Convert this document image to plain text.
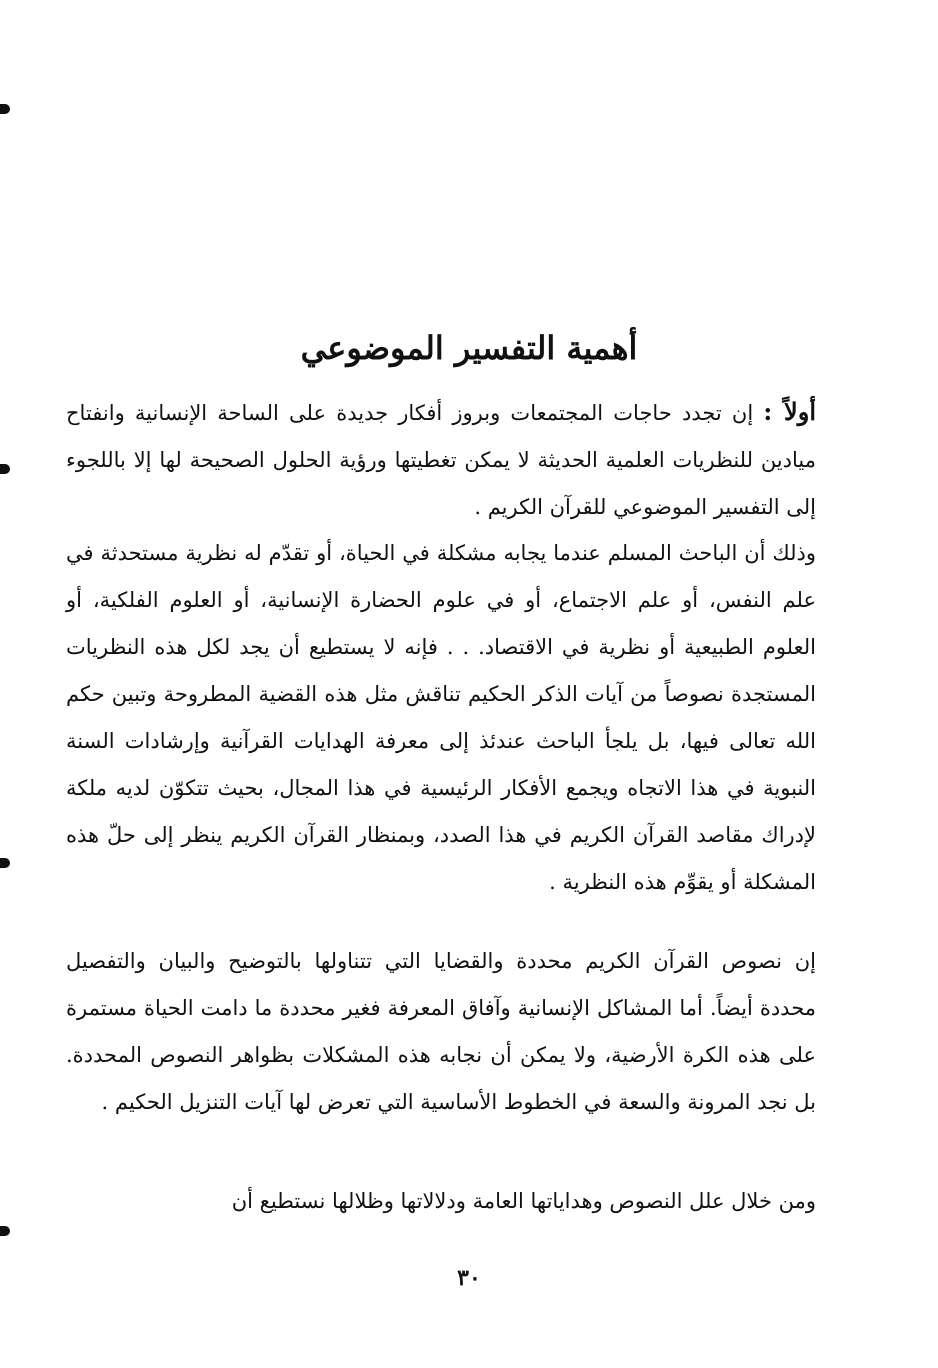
أهمية التفسير الموضوعي

أولاً : إن تجدد حاجات المجتمعات وبروز أفكار جديدة على الساحة الإنسانية وانفتاح ميادين للنظريات العلمية الحديثة لا يمكن تغطيتها ورؤية الحلول الصحيحة لها إلا باللجوء إلى التفسير الموضوعي للقرآن الكريم .

وذلك أن الباحث المسلم عندما يجابه مشكلة في الحياة، أو تقدّم له نظرية مستحدثة في علم النفس، أو علم الاجتماع، أو في علوم الحضارة الإنسانية، أو العلوم الفلكية، أو العلوم الطبيعية أو نظرية في الاقتصاد. . . فإنه لا يستطيع أن يجد لكل هذه النظريات المستجدة نصوصاً من آيات الذكر الحكيم تناقش مثل هذه القضية المطروحة وتبين حكم الله تعالى فيها، بل يلجأ الباحث عندئذ إلى معرفة الهدايات القرآنية وإرشادات السنة النبوية في هذا الاتجاه ويجمع الأفكار الرئيسية في هذا المجال، بحيث تتكوّن لديه ملكة لإدراك مقاصد القرآن الكريم في هذا الصدد، وبمنظار القرآن الكريم ينظر إلى حلّ هذه المشكلة أو يقوِّم هذه النظرية .

إن نصوص القرآن الكريم محددة والقضايا التي تتناولها بالتوضيح والبيان والتفصيل محددة أيضاً. أما المشاكل الإنسانية وآفاق المعرفة فغير محددة ما دامت الحياة مستمرة على هذه الكرة الأرضية، ولا يمكن أن نجابه هذه المشكلات بظواهر النصوص المحددة. بل نجد المرونة والسعة في الخطوط الأساسية التي تعرض لها آيات التنزيل الحكيم .

ومن خلال علل النصوص وهداياتها العامة ودلالاتها وظلالها نستطيع أن

٣٠
